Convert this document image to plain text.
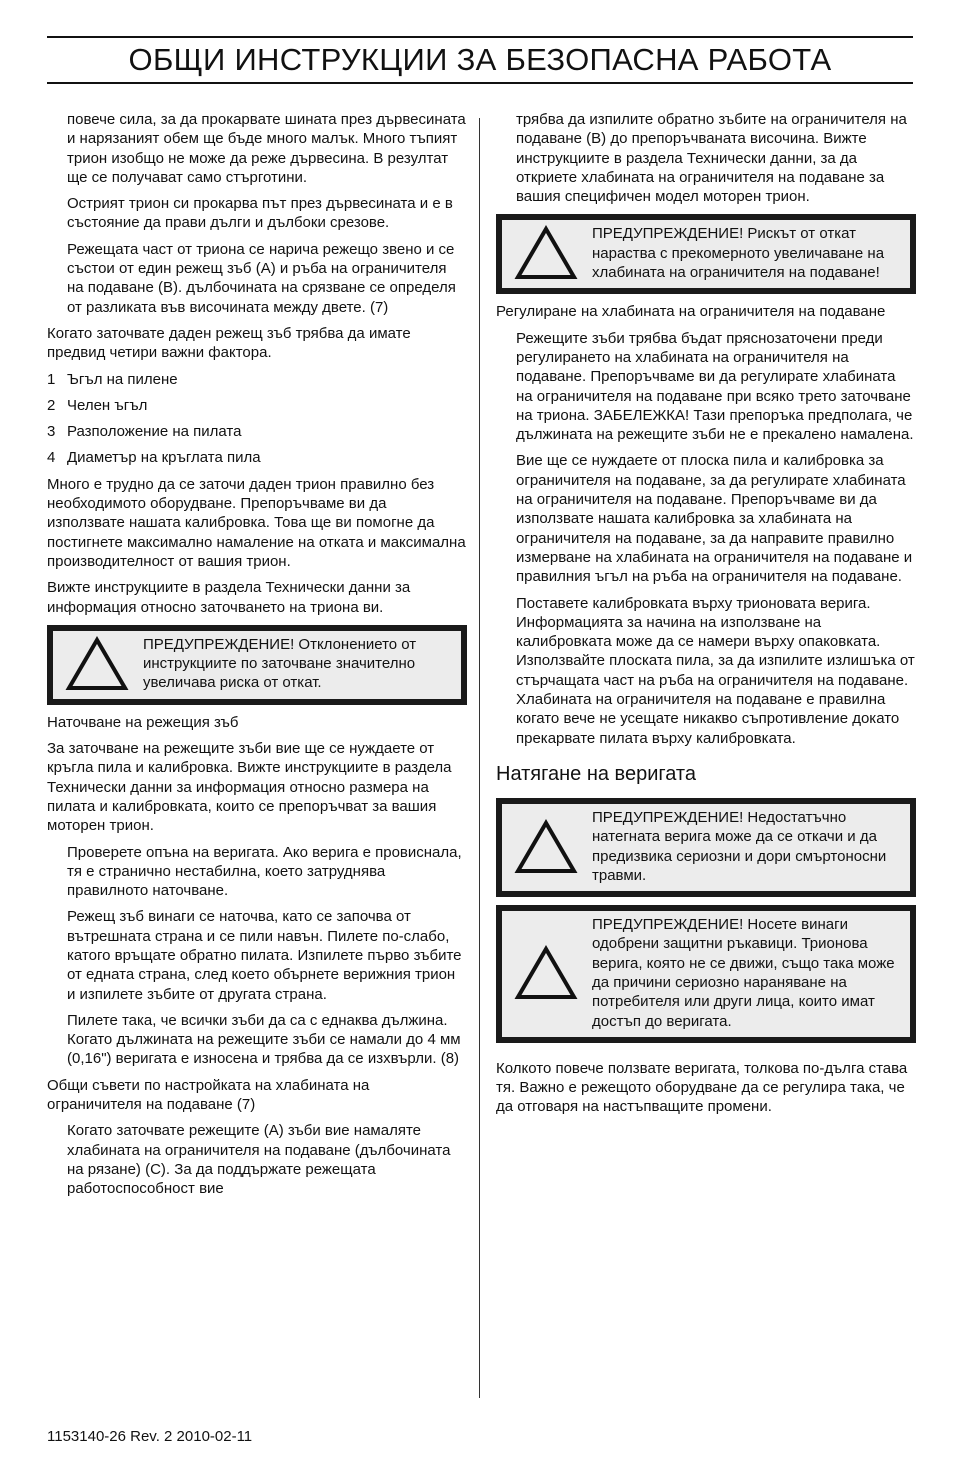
ОБЩИ ИНСТРУКЦИИ ЗА БЕЗОПАСНА РАБОТА

повече сила, за да прокарвате шината през дървесината и нарязаният обем ще бъде много малък. Много тъпият трион изобщо не може да реже дървесина. В резултат ще се получават само стърготини.

Острият трион си прокарва път през дървесината и е в състояние да прави дълги и дълбоки срезове.

Режещата част от триона се нарича режещо звено и се състои от един режещ зъб (А) и ръба на ограничителя на подаване (В). дълбочината на срязване се определя от разликата във височината между двете. (7)

Когато заточвате даден режещ зъб трябва да имате предвид четири важни фактора.

1 Ъгъл на пилене
2 Челен ъгъл
3 Разположение на пилата
4 Диаметър на кръглата пила

Много е трудно да се заточи даден трион правилно без необходимото оборудване. Препоръчваме ви да използвате нашата калибровка. Това ще ви помогне да постигнете максимално намаление на отката и максимална производителност от вашия трион.

Вижте инструкциите в раздела Технически данни за информация относно заточването на триона ви.

ПРЕДУПРЕЖДЕНИЕ! Отклонението от инструкциите по заточване значително увеличава риска от откат.

Наточване на режещия зъб

За заточване на режещите зъби вие ще се нуждаете от кръгла пила и калибровка. Вижте инструкциите в раздела Технически данни за информация относно размера на пилата и калибровката, които се препоръчват за вашия моторен трион.

Проверете опъна на веригата. Ако верига е провиснала, тя е странично нестабилна, което затруднява правилното наточване.

Режещ зъб винаги се наточва, като се започва от вътрешната страна и се пили навън. Пилете по-слабо, катого връщате обратно пилата. Изпилете първо зъбите от едната страна, след което обърнете верижния трион и изпилете зъбите от другата страна.

Пилете така, че всички зъби да са с еднаква дължина. Когато дължината на режещите зъби се намали до 4 мм (0,16") веригата е износена и трябва да се изхвърли. (8)

Общи съвети по настройката на хлабината на ограничителя на подаване (7)

Когато заточвате режещите (А) зъби вие намаляте хлабината на ограничителя на подаване (дълбочината на рязане) (С). За да поддържате режещата работоспособност вие

трябва да изпилите обратно зъбите на ограничителя на подаване (В) до препоръчваната височина. Вижте инструкциите в раздела Технически данни, за да откриете хлабината на ограничителя на подаване за вашия специфичен модел моторен трион.

ПРЕДУПРЕЖДЕНИЕ! Рискът от откат нараства с прекомерното увеличаване на хлабината на ограничителя на подаване!

Регулиране на хлабината на ограничителя на подаване

Режещите зъби трябва бъдат пряснозаточени преди регулирането на хлабината на ограничителя на подаване. Препоръчваме ви да регулирате хлабината на ограничителя на подаване при всяко трето заточване на триона. ЗАБЕЛЕЖКА! Тази препоръка предполага, че дължината на режещите зъби не е прекалено намалена.

Вие ще се нуждаете от плоска пила и калибровка за ограничителя на подаване, за да регулирате хлабината на ограничителя на подаване. Препоръчваме ви да използвате нашата калибровка за хлабината на ограничителя на подаване, за да направите правилно измерване на хлабината на ограничителя на подаване и правилния ъгъл на ръба на ограничителя на подаване.

Поставете калибровката върху трионовата верига. Информацията за начина на използване на калибровката може да се намери върху опаковката. Използвайте плоската пила, за да изпилите излишъка от стърчащата част на ръба на ограничителя на подаване. Хлабината на ограничителя на подаване е правилна когато вече не усещате никакво съпротивление докато прекарвате пилата върху калибровката.

Натягане на веригата
ПРЕДУПРЕЖДЕНИЕ! Недостатъчно натегната верига може да се откачи и да предизвика сериозни и дори смъртоносни травми.
ПРЕДУПРЕЖДЕНИЕ! Носете винаги одобрени защитни ръкавици. Трионова верига, която не се движи, също така може да причини сериозно нараняване на потребителя или други лица, които имат достъп до веригата.

Колкото повече ползвате веригата, толкова по-дълга става тя. Важно е режещото оборудване да се регулира така, че да отговаря на настъпващите промени.

1153140-26 Rev. 2 2010-02-11
